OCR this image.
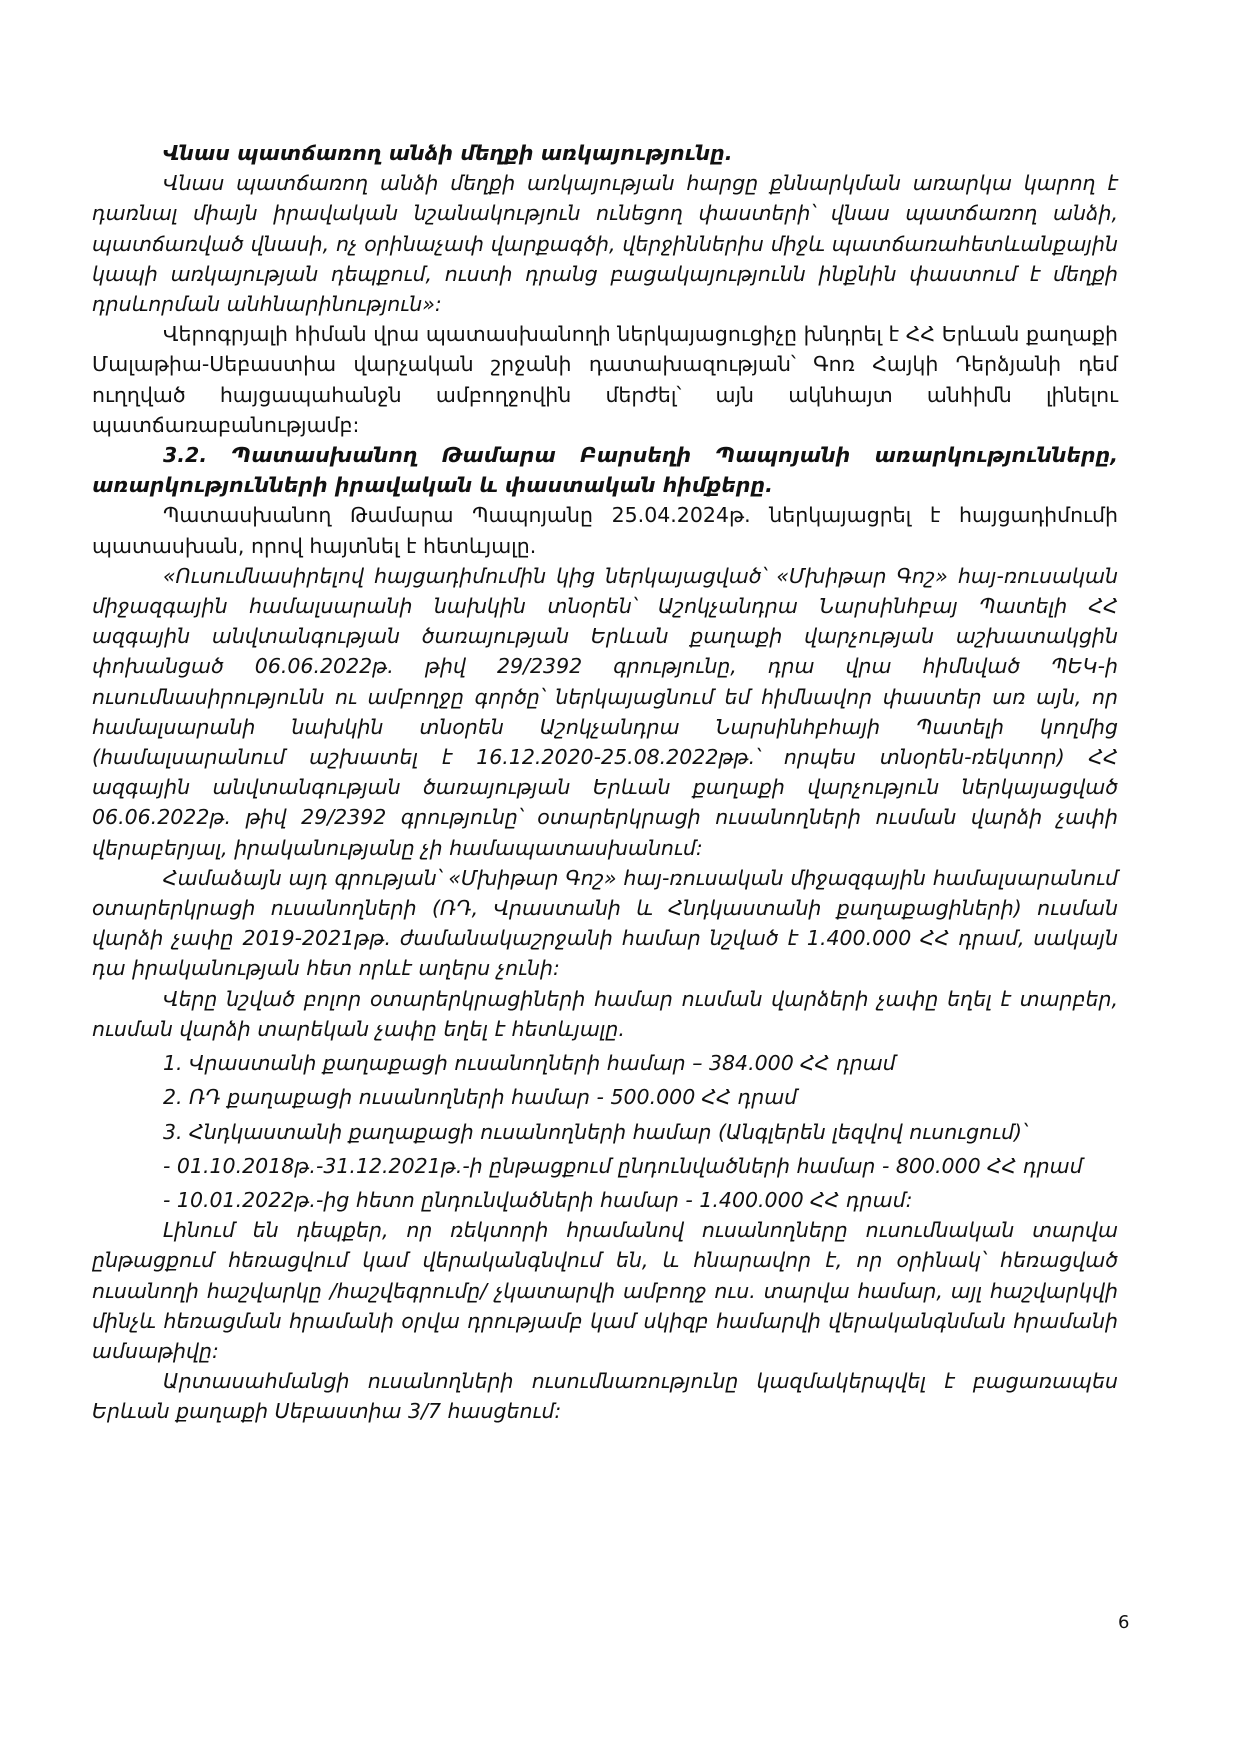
Վնաս պատճառող անձի մեղքի առկայությունը.

Վնաս պատճառող անձի մեղքի առկայության հարցը քննարկման առարկա կարող է դառնալ միայն իրավական նշանակություն ունեցող փաստերի՝ վնաս պատճառող անձի, պատճառված վնասի, ոչ օրինաչափ վարքագծի, վերջիններիս միջև պատճառահետևանքային կապի առկայության դեպքում, ուստի դրանց բացակայությունն ինքնին փաստում է մեղքի դրսևորման անհնարինություն»:

Վերոգրյալի հիման վրա պատասխանողի ներկայացուցիչը խնդրել է ՀՀ Երևան քաղաքի Մալաթիա-Սեբաստիա վարչական շրջանի դատախազության՝ Գոռ Հայկի Դերձյանի դեմ ուղղված հայցապահանջն ամբողջովին մերժել՝ այն ակնհայտ անհիմն լինելու պատճառաբանությամբ:

3.2. Պատասխանող Թամարա Բարսեղի Պապոյանի առարկությունները, առարկությունների իրավական և փաստական հիմքերը.

Պատասխանող Թամարա Պապոյանը 25.04.2024թ. ներկայացրել է հայցադիմումի պատասխան, որով հայտնել է հետևյալը.

«Ուսումնասիրելով հայցադիմումին կից ներկայացված՝ «Մխիթար Գոշ» հայ-ռուսական միջազգային համալսարանի նախկին տնօրեն՝ Աշոկչանդրա Նարսինհբայ Պատելի ՀՀ ազգային անվտանգության ծառայության Երևան քաղաքի վարչության աշխատակցին փոխանցած 06.06.2022թ. թիվ 29/2392 գրությունը, դրա վրա հիմնված ՊԵԿ-ի ուսումնասիրությունն ու ամբողջը գործը՝ ներկայացնում եմ հիմնավոր փաստեր առ այն, որ համալսարանի նախկին տնօրեն Աշոկչանդրա Նարսինհբհայի Պատելի կողմից (համալսարանում աշխատել է 16.12.2020-25.08.2022թթ.՝ որպես տնօրեն-ռեկտոր) ՀՀ ազգային անվտանգության ծառայության Երևան քաղաքի վարչություն ներկայացված 06.06.2022թ. թիվ 29/2392 գրությունը՝ օտարերկրացի ուսանողների ուսման վարձի չափի վերաբերյալ, իրականությանը չի համապատասխանում:

Համաձայն այդ գրության՝ «Մխիթար Գոշ» հայ-ռուսական միջազգային համալսարանում օտարերկրացի ուսանողների (ՌԴ, Վրաստանի և Հնդկաստանի քաղաքացիների) ուսման վարձի չափը 2019-2021թթ. ժամանակաշրջանի համար նշված է 1.400.000 ՀՀ դրամ, սակայն դա իրականության հետ որևէ աղերս չունի:

Վերը նշված բոլոր օտարերկրացիների համար ուսման վարձերի չափը եղել է տարբեր, ուսման վարձի տարեկան չափը եղել է հետևյալը.

1. Վրաստանի քաղաքացի ուսանողների համար – 384.000 ՀՀ դրամ

2. ՌԴ քաղաքացի ուսանողների համար - 500.000 ՀՀ դրամ

3. Հնդկաստանի քաղաքացի ուսանողների համար (Անգլերեն լեզվով ուսուցում)՝

- 01.10.2018թ.-31.12.2021թ.-ի ընթացքում ընդունվածների համար - 800.000 ՀՀ դրամ

- 10.01.2022թ.-ից հետո ընդունվածների համար - 1.400.000 ՀՀ դրամ:

Լինում են դեպքեր, որ ռեկտորի հրամանով ուսանողները ուսումնական տարվա ընթացքում հեռացվում կամ վերականգնվում են, և հնարավոր է, որ օրինակ՝ հեռացված ուսանողի հաշվարկը /հաշվեգրումը/ չկատարվի ամբողջ ուս. տարվա համար, այլ հաշվարկվի մինչև հեռացման հրամանի օրվա դրությամբ կամ սկիզբ համարվի վերականգնման հրամանի ամսաթիվը:

Արտասահմանցի ուսանողների ուսումնառությունը կազմակերպվել է բացառապես Երևան քաղաքի Սեբաստիա 3/7 հասցեում:

6
